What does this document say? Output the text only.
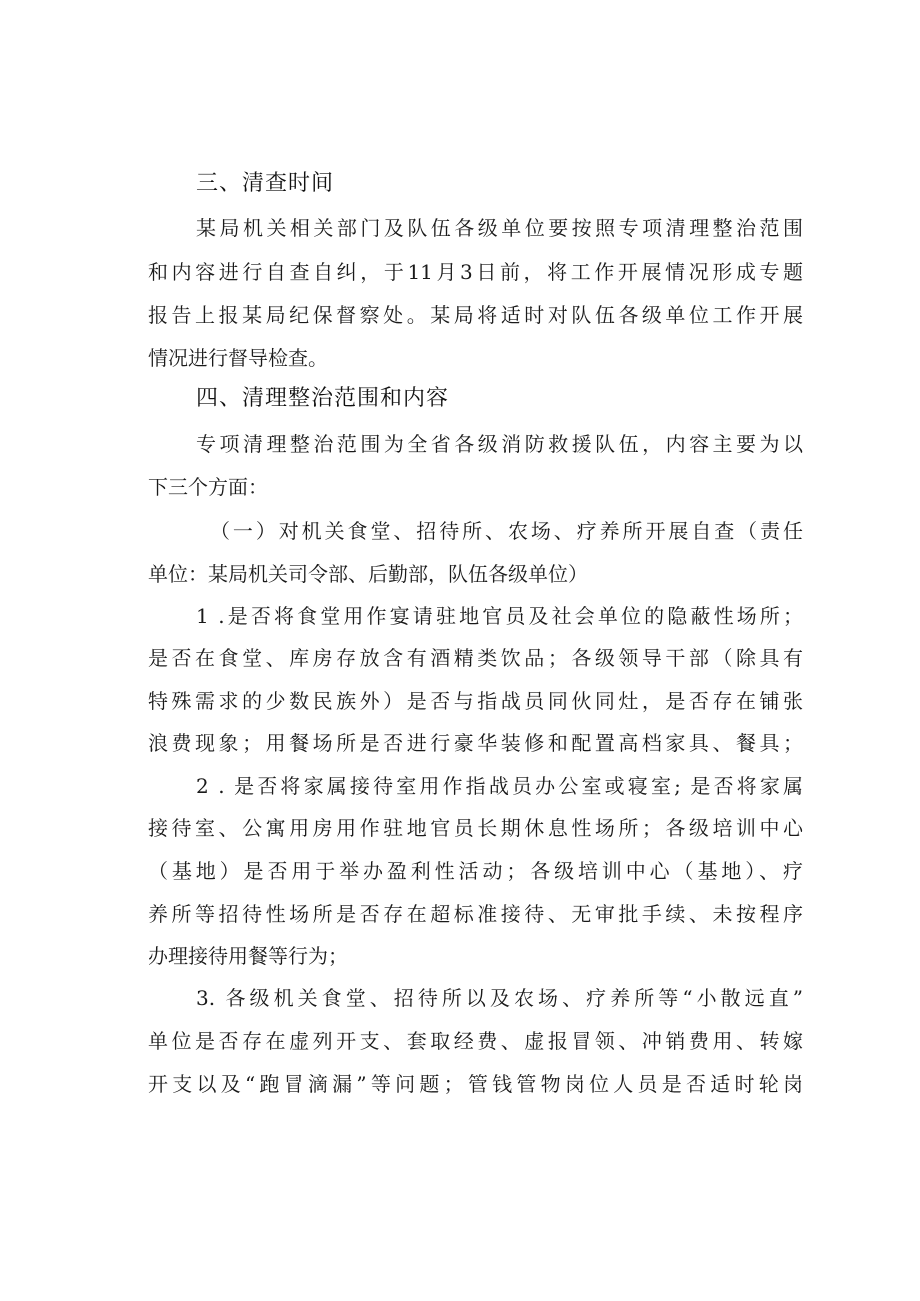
三、清查时间
某局机关相关部门及队伍各级单位要按照专项清理整治范围
和内容进行自查自纠，于11月3日前，将工作开展情况形成专题
报告上报某局纪保督察处。某局将适时对队伍各级单位工作开展
情况进行督导检查。
四、清理整治范围和内容
专项清理整治范围为全省各级消防救援队伍，内容主要为以
下三个方面：
（一）对机关食堂、招待所、农场、疗养所开展自查（责任
单位：某局机关司令部、后勤部，队伍各级单位）
1 .是否将食堂用作宴请驻地官员及社会单位的隐蔽性场所；
是否在食堂、库房存放含有酒精类饮品；各级领导干部（除具有
特殊需求的少数民族外）是否与指战员同伙同灶，是否存在铺张
浪费现象；用餐场所是否进行豪华装修和配置高档家具、餐具；
2 . 是否将家属接待室用作指战员办公室或寝室; 是否将家属
接待室、公寓用房用作驻地官员长期休息性场所；各级培训中心
（基地）是否用于举办盈利性活动；各级培训中心（基地）、疗
养所等招待性场所是否存在超标准接待、无审批手续、未按程序
办理接待用餐等行为；
3. 各级机关食堂、招待所以及农场、疗养所等“小散远直”
单位是否存在虚列开支、套取经费、虚报冒领、冲销费用、转嫁
开支以及“跑冒滴漏”等问题；管钱管物岗位人员是否适时轮岗
